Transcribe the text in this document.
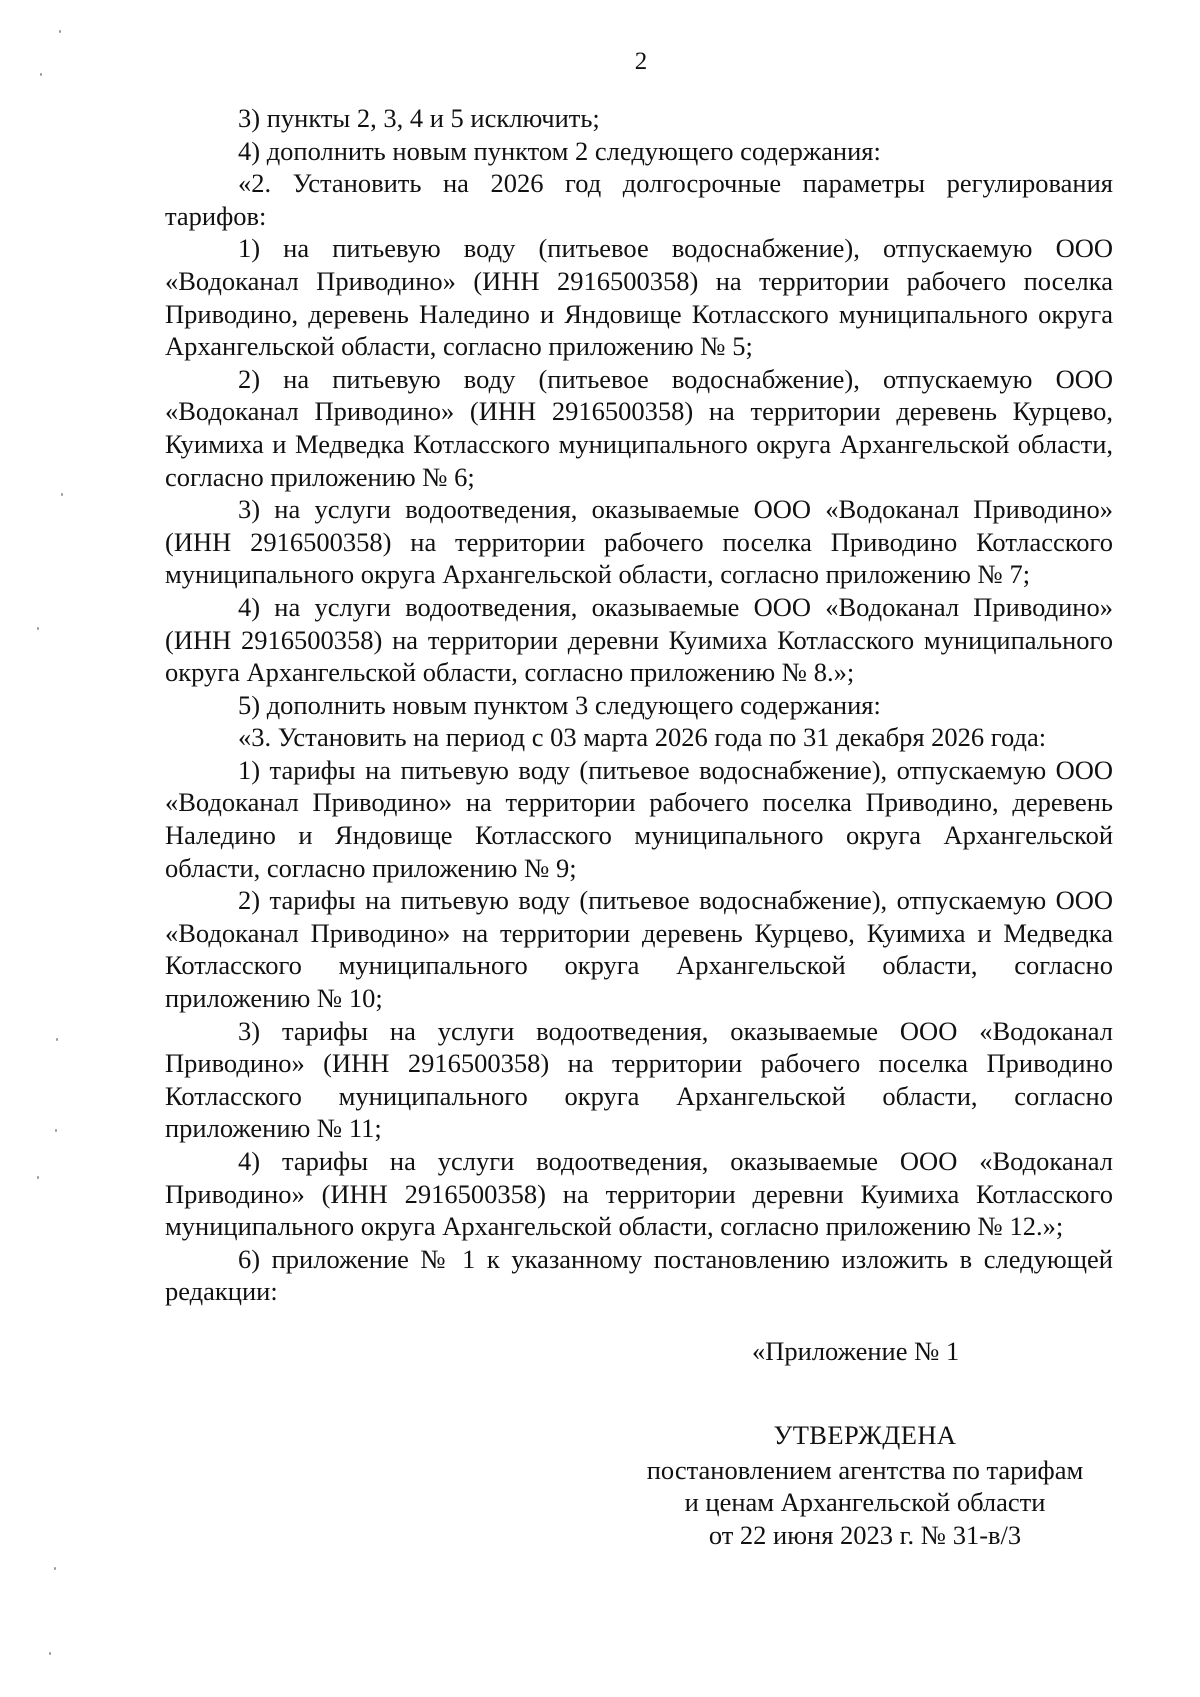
2

3) пункты 2, 3, 4 и 5 исключить;

4) дополнить новым пунктом 2 следующего содержания:

«2. Установить на 2026 год долгосрочные параметры регулирования тарифов:

1) на питьевую воду (питьевое водоснабжение), отпускаемую ООО «Водоканал Приводино» (ИНН 2916500358) на территории рабочего поселка Приводино, деревень Наледино и Яндовище Котласского муниципального округа Архангельской области, согласно приложению № 5;

2) на питьевую воду (питьевое водоснабжение), отпускаемую ООО «Водоканал Приводино» (ИНН 2916500358) на территории деревень Курцево, Куимиха и Медведка Котласского муниципального округа Архангельской области, согласно приложению № 6;

3) на услуги водоотведения, оказываемые ООО «Водоканал Приводино» (ИНН 2916500358) на территории рабочего поселка Приводино Котласского муниципального округа Архангельской области, согласно приложению № 7;

4) на услуги водоотведения, оказываемые ООО «Водоканал Приводино» (ИНН 2916500358) на территории деревни Куимиха Котласского муниципального округа Архангельской области, согласно приложению № 8.»;

5) дополнить новым пунктом 3 следующего содержания:

«3. Установить на период с 03 марта 2026 года по 31 декабря 2026 года:

1) тарифы на питьевую воду (питьевое водоснабжение), отпускаемую ООО «Водоканал Приводино» на территории рабочего поселка Приводино, деревень Наледино и Яндовище Котласского муниципального округа Архангельской области, согласно приложению № 9;

2) тарифы на питьевую воду (питьевое водоснабжение), отпускаемую ООО «Водоканал Приводино» на территории деревень Курцево, Куимиха и Медведка Котласского муниципального округа Архангельской области, согласно приложению № 10;

3) тарифы на услуги водоотведения, оказываемые ООО «Водоканал Приводино» (ИНН 2916500358) на территории рабочего поселка Приводино Котласского муниципального округа Архангельской области, согласно приложению № 11;

4) тарифы на услуги водоотведения, оказываемые ООО «Водоканал Приводино» (ИНН 2916500358) на территории деревни Куимиха Котласского муниципального округа Архангельской области, согласно приложению № 12.»;

6) приложение № 1 к указанному постановлению изложить в следующей редакции:

«Приложение № 1
УТВЕРЖДЕНА
постановлением агентства по тарифам
и ценам Архангельской области
от 22 июня 2023 г. № 31-в/3
